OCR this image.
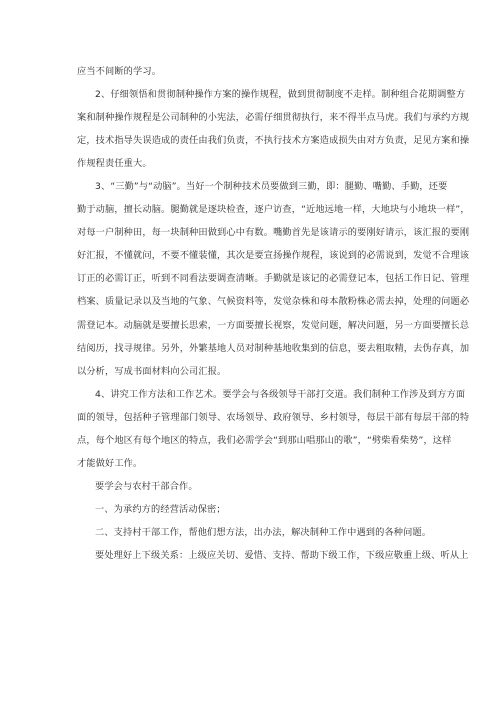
应当不间断的学习。
2、仔细领悟和贯彻制种操作方案的操作规程，做到贯彻制度不走样。制种组合花期调整方
案和制种操作规程是公司制种的小宪法，必需仔细贯彻执行，来不得半点马虎。我们与承约方规
定，技术指导失误造成的责任由我们负责，不执行技术方案造成损失由对方负责，足见方案和操
作规程责任重大。
3、“三勤”与“动脑”。当好一个制种技术员要做到三勤，即：腿勤、嘴勤、手勤，还要
勤于动脑，擅长动脑。腿勤就是逐块检查，逐户访查，“近地远地一样，大地块与小地块一样”，
对每一户制种田，每一块制种田做到心中有数。嘴勤首先是该请示的要刚好请示，该汇报的要刚
好汇报，不懂就问，不要不懂装懂，其次是要宣扬操作规程，该说到的必需说到，发觉不合理该
订正的必需订正，听到不同看法要调查清晰。手勤就是该记的必需登记本，包括工作日记、管理
档案、质量记录以及当地的气象、气候资料等，发觉杂株和母本散粉株必需去掉，处理的问题必
需登记本。动脑就是要擅长思索，一方面要擅长视察，发觉问题，解决问题，另一方面要擅长总
结阅历，找寻规律。另外，外繁基地人员对制种基地收集到的信息，要去粗取精，去伪存真，加
以分析，写成书面材料向公司汇报。
4、讲究工作方法和工作艺术。要学会与各级领导干部打交道。我们制种工作涉及到方方面
面的领导，包括种子管理部门领导、农场领导、政府领导、乡村领导，每层干部有每层干部的特
点，每个地区有每个地区的特点，我们必需学会“到那山唱那山的歌”，“劈柴看柴势”，这样
才能做好工作。
要学会与农村干部合作。
一、为承约方的经营活动保密；
二、支持村干部工作，帮他们想方法，出办法，解决制种工作中遇到的各种问题。
要处理好上下级关系：上级应关切、爱惜、支持、帮助下级工作，下级应敬重上级、听从上
